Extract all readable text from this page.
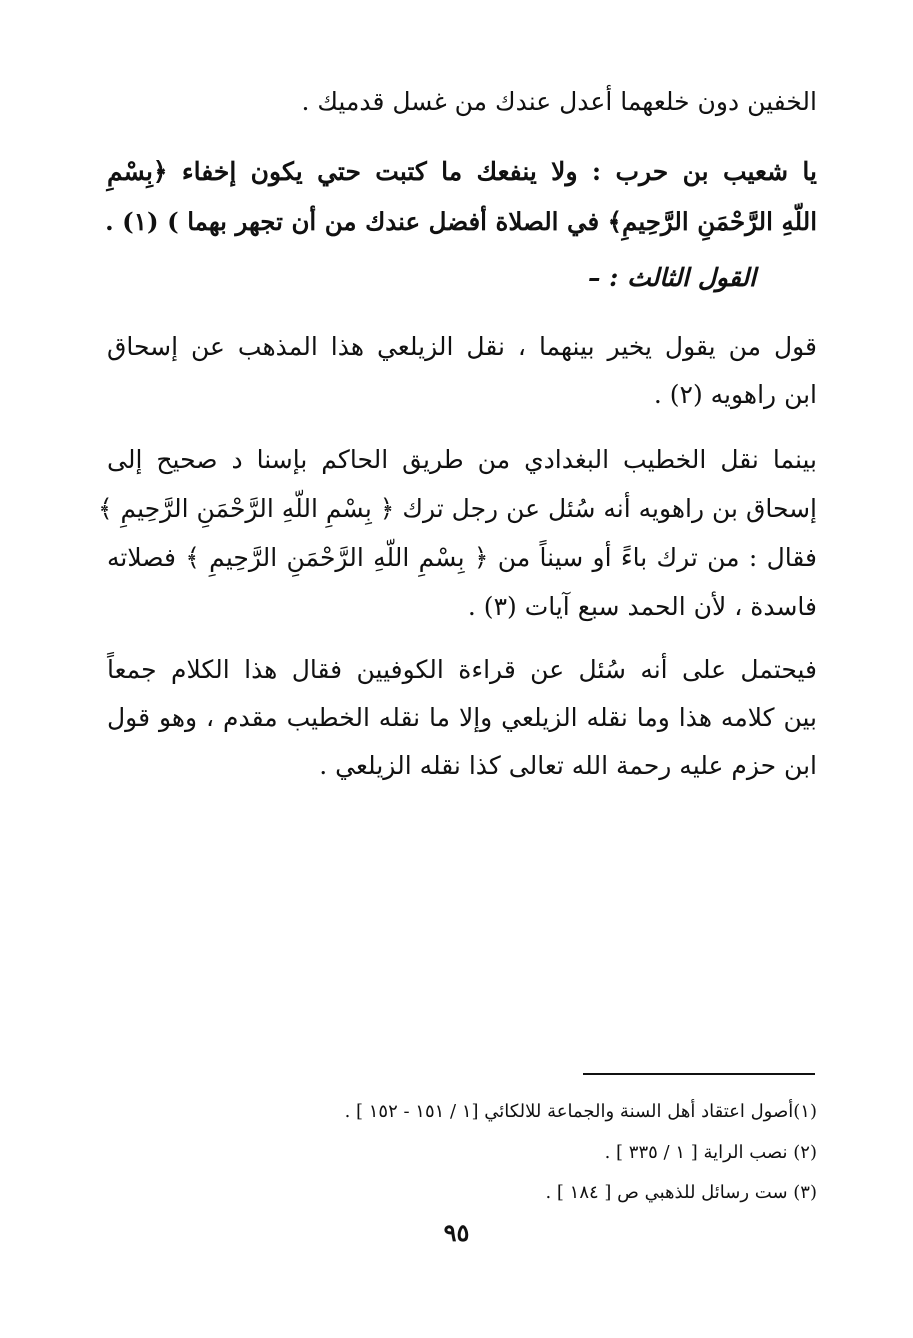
الخفين دون خلعهما أعدل عندك من غسل قدميك .
يا شعيب بن حرب : ولا ينفعك ما كتبت حتي يكون إخفاء ﴿بِسْمِ
اللّهِ الرَّحْمَنِ الرَّحِيمِ﴾ في الصلاة أفضل عندك من أن تجهر بهما ) (١) .
القول الثالث : –
قول من يقول يخير بينهما ، نقل الزيلعي هذا المذهب عن إسحاق
ابن راهويه (٢) .
بينما نقل الخطيب البغدادي من طريق الحاكم بإسنا د صحيح إلى
إسحاق بن راهويه أنه سُئل عن رجل ترك ﴿ بِسْمِ اللّهِ الرَّحْمَنِ الرَّحِيمِ ﴾
فقال : من ترك باءً أو سيناً من ﴿ بِسْمِ اللّهِ الرَّحْمَنِ الرَّحِيمِ ﴾ فصلاته
فاسدة ، لأن الحمد سبع آيات (٣) .
فيحتمل على أنه سُئل عن قراءة الكوفيين فقال هذا الكلام جمعاً
بين كلامه هذا وما نقله الزيلعي وإلا ما نقله الخطيب مقدم ، وهو قول
ابن حزم عليه رحمة الله تعالى كذا نقله الزيلعي .
(١)أصول اعتقاد أهل السنة والجماعة للالكائي [١ / ١٥١ - ١٥٢ ] .
(٢) نصب الراية [ ١ / ٣٣٥ ] .
(٣) ست رسائل للذهبي ص [ ١٨٤ ] .
٩٥
